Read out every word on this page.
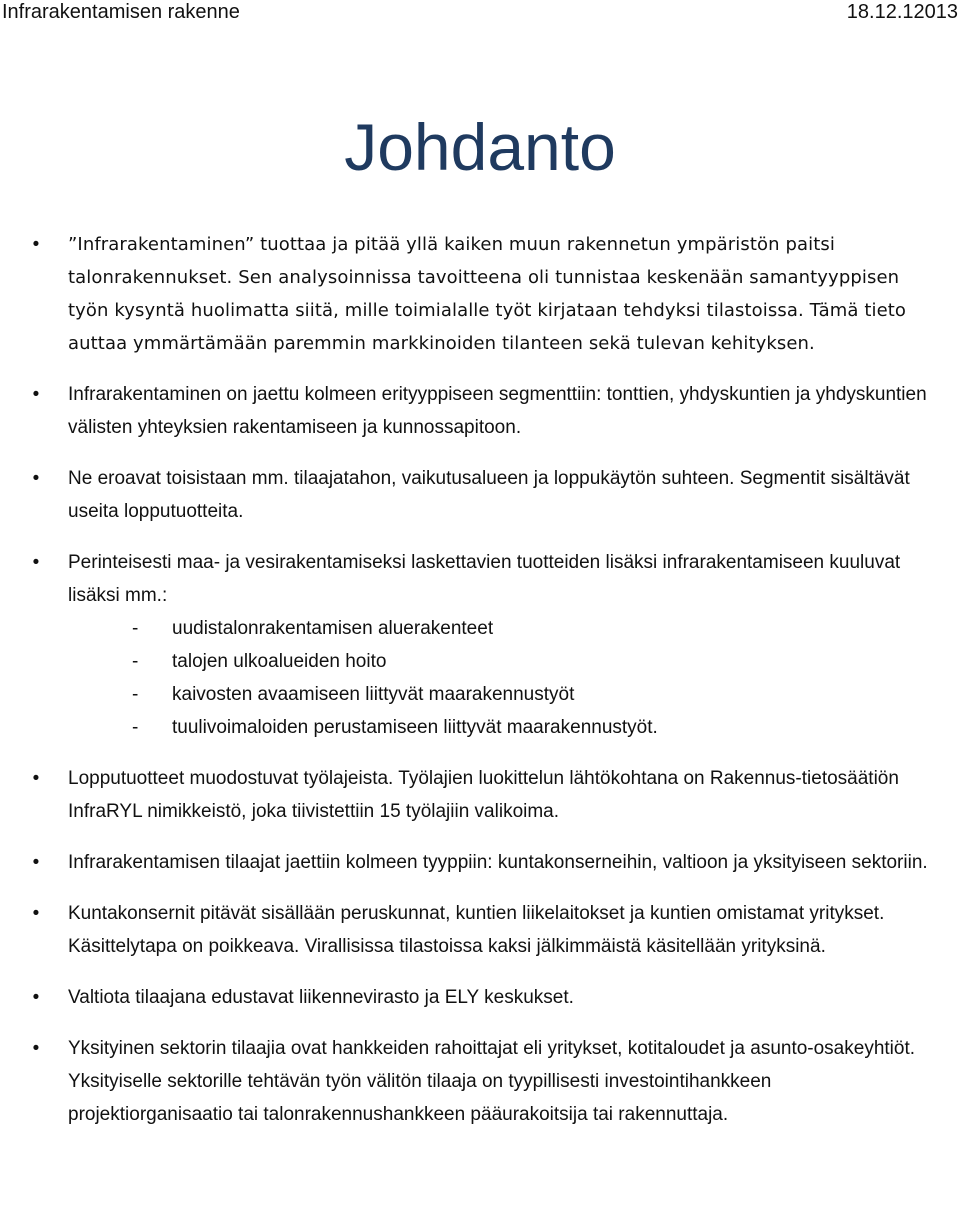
Infrarakentamisen rakenne	18.12.12013
Johdanto
• ”Infrarakentaminen” tuottaa ja pitää yllä kaiken muun rakennetun ympäristön paitsi talonrakennukset. Sen analysoinnissa tavoitteena oli tunnistaa keskenään samantyyppisen työn kysyntä huolimatta siitä, mille toimialalle työt kirjataan tehdyksi tilastoissa. Tämä tieto auttaa ymmärtämään paremmin markkinoiden tilanteen sekä tulevan kehityksen.
• Infrarakentaminen on jaettu kolmeen erityyppiseen segmenttiin: tonttien, yhdyskuntien ja yhdyskuntien välisten yhteyksien rakentamiseen ja kunnossapitoon.
• Ne eroavat toisistaan mm. tilaajatahon, vaikutusalueen ja loppukäytön suhteen. Segmentit sisältävät useita lopputuotteita.
• Perinteisesti maa- ja vesirakentamiseksi laskettavien tuotteiden lisäksi infrarakentamiseen kuuluvat lisäksi mm.:
-	uudistalonrakentamisen aluerakenteet
-	talojen ulkoalueiden hoito
-	kaivosten avaamiseen liittyvät maarakennustyöt
-	tuulivoimaloiden perustamiseen liittyvät maarakennustyöt.
• Lopputuotteet muodostuvat työlajeista. Työlajien luokittelun lähtökohtana on Rakennus-tietosäätiön InfraRYL nimikkeistö, joka tiivistettiin 15 työlajiin valikoima.
• Infrarakentamisen tilaajat jaettiin kolmeen tyyppiin: kuntakonserneihin, valtioon ja yksityiseen sektoriin.
• Kuntakonsernit pitävät sisällään peruskunnat, kuntien liikelaitokset ja kuntien omistamat yritykset. Käsittelytapa on poikkeava. Virallisissa tilastoissa kaksi jälkimmäistä käsitellään yrityksinä.
• Valtiota tilaajana edustavat liikennevirasto ja ELY keskukset.
• Yksityinen sektorin tilaajia ovat hankkeiden rahoittajat eli yritykset, kotitaloudet ja asunto-osakeyhtiöt. Yksityiselle sektorille tehtävän työn välitön tilaaja on tyypillisesti investointihankkeen projektiorganisaatio tai talonrakennushankkeen pääurakoitsija tai rakennuttaja.
